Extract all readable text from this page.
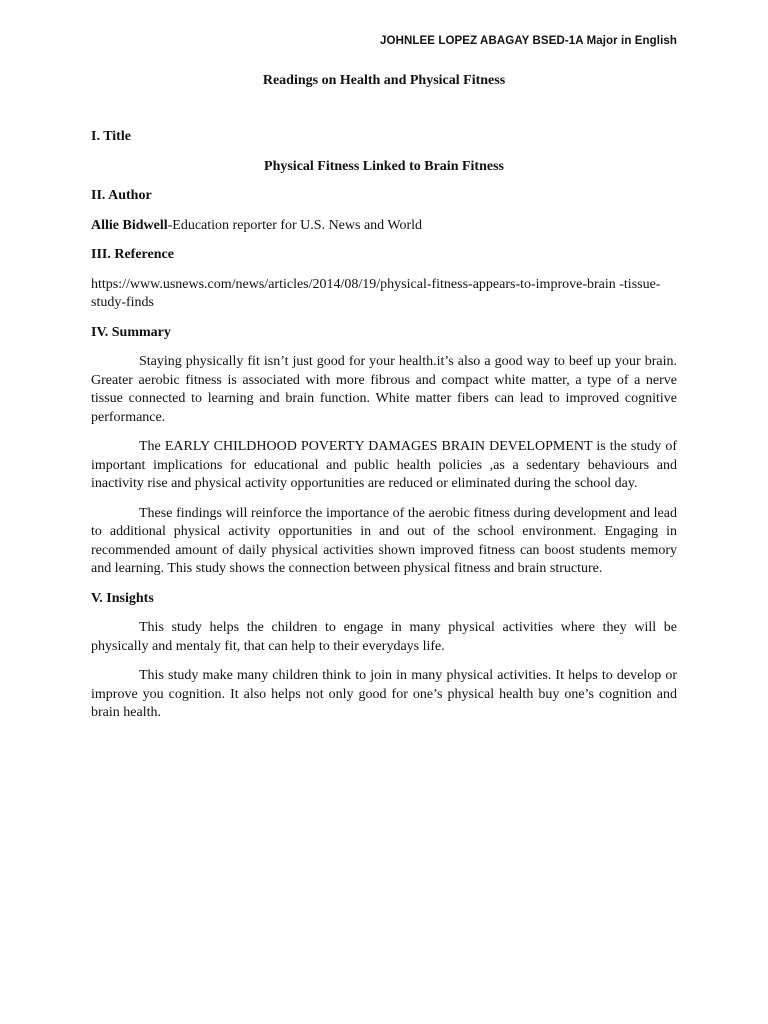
JOHNLEE LOPEZ ABAGAY BSED-1A Major in English
Readings on Health and Physical Fitness
I. Title
Physical Fitness Linked to Brain Fitness
II. Author
Allie Bidwell-Education reporter for U.S. News and World
III. Reference
https://www.usnews.com/news/articles/2014/08/19/physical-fitness-appears-to-improve-brain -tissue-study-finds
IV. Summary

Staying physically fit isn’t just good for your health.it’s also a good way to beef up your brain. Greater aerobic fitness is associated with more fibrous and compact white matter, a type of a nerve tissue connected to learning and brain function. White matter fibers can lead to improved cognitive performance.

The EARLY CHILDHOOD POVERTY DAMAGES BRAIN DEVELOPMENT is the study of important implications for educational and public health policies ,as a sedentary behaviours and inactivity rise and physical activity opportunities are reduced or eliminated during the school day.

These findings will reinforce the importance of the aerobic fitness during development and lead to additional physical activity opportunities in and out of the school environment. Engaging in recommended amount of daily physical activities shown improved fitness can boost students memory and learning. This study shows the connection between physical fitness and brain structure.

V. Insights

This study helps the children to engage in many physical activities where they will be physically and mentaly fit, that can help to their everydays life.

This study make many children think to join in many physical activities. It helps to develop or improve you cognition. It also helps not only good for one’s physical health buy one’s cognition and brain health.
